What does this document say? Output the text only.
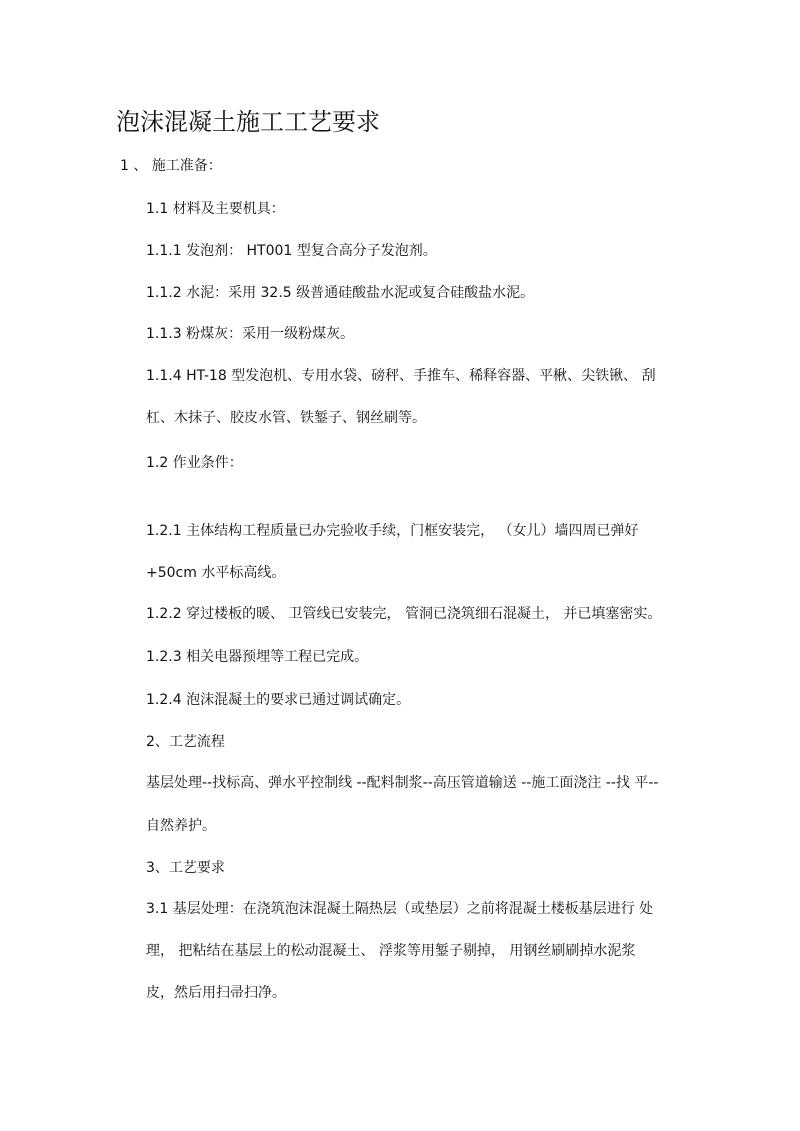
泡沫混凝土施工工艺要求

1 、 施工准备：

1.1 材料及主要机具：

1.1.1 发泡剂： HT001 型复合高分子发泡剂。

1.1.2 水泥：采用 32.5 级普通硅酸盐水泥或复合硅酸盐水泥。

1.1.3 粉煤灰：采用一级粉煤灰。

1.1.4 HT-18 型发泡机、专用水袋、磅秤、手推车、稀释容器、平楸、尖铁锹、 刮

杠、木抹子、胶皮水管、铁錾子、钢丝刷等。

1.2 作业条件：

1.2.1 主体结构工程质量已办完验收手续，门框安装完， （女儿）墙四周已弹好

+50cm 水平标高线。

1.2.2 穿过楼板的暖、 卫管线已安装完， 管洞已浇筑细石混凝土， 并已填塞密实。

1.2.3 相关电器预埋等工程已完成。

1.2.4 泡沫混凝土的要求已通过调试确定。

2、工艺流程

基层处理--找标高、弹水平控制线 --配料制浆--高压管道输送 --施工面浇注 --找 平--

自然养护。

3、工艺要求

3.1 基层处理：在浇筑泡沫混凝土隔热层（或垫层）之前将混凝土楼板基层进行 处

理， 把粘结在基层上的松动混凝土、 浮浆等用錾子剔掉， 用钢丝刷刷掉水泥浆

皮，然后用扫帚扫净。
